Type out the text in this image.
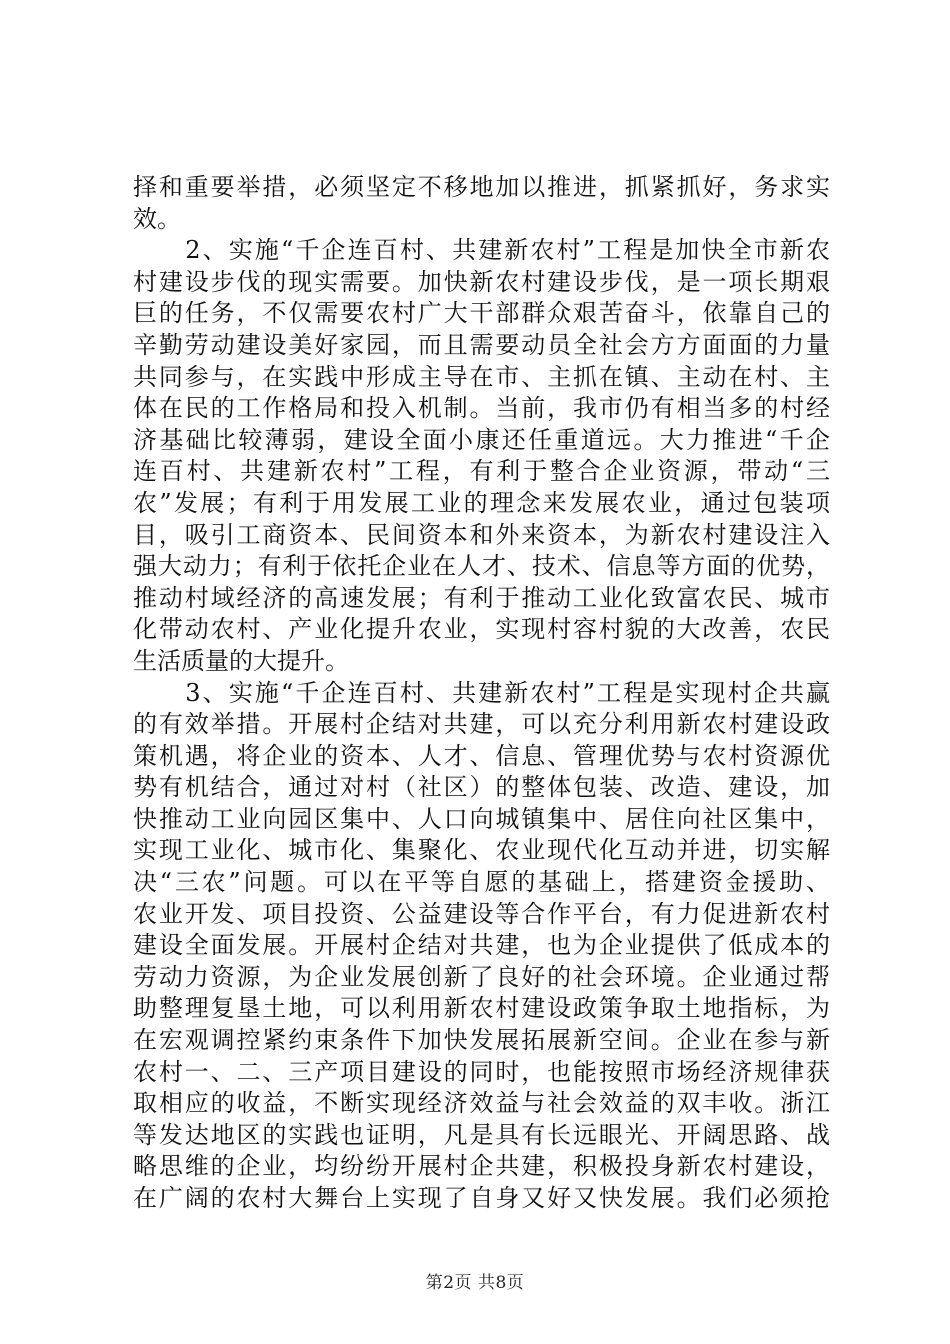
择和重要举措，必须坚定不移地加以推进，抓紧抓好，务求实
效。
　　2、实施“千企连百村、共建新农村”工程是加快全市新农
村建设步伐的现实需要。加快新农村建设步伐，是一项长期艰
巨的任务，不仅需要农村广大干部群众艰苦奋斗，依靠自己的
辛勤劳动建设美好家园，而且需要动员全社会方方面面的力量
共同参与，在实践中形成主导在市、主抓在镇、主动在村、主
体在民的工作格局和投入机制。当前，我市仍有相当多的村经
济基础比较薄弱，建设全面小康还任重道远。大力推进“千企
连百村、共建新农村”工程，有利于整合企业资源，带动“三
农”发展；有利于用发展工业的理念来发展农业，通过包装项
目，吸引工商资本、民间资本和外来资本，为新农村建设注入
强大动力；有利于依托企业在人才、技术、信息等方面的优势，
推动村域经济的高速发展；有利于推动工业化致富农民、城市
化带动农村、产业化提升农业，实现村容村貌的大改善，农民
生活质量的大提升。
　　3、实施“千企连百村、共建新农村”工程是实现村企共赢
的有效举措。开展村企结对共建，可以充分利用新农村建设政
策机遇，将企业的资本、人才、信息、管理优势与农村资源优
势有机结合，通过对村（社区）的整体包装、改造、建设，加
快推动工业向园区集中、人口向城镇集中、居住向社区集中，
实现工业化、城市化、集聚化、农业现代化互动并进，切实解
决“三农”问题。可以在平等自愿的基础上，搭建资金援助、
农业开发、项目投资、公益建设等合作平台，有力促进新农村
建设全面发展。开展村企结对共建，也为企业提供了低成本的
劳动力资源，为企业发展创新了良好的社会环境。企业通过帮
助整理复垦土地，可以利用新农村建设政策争取土地指标，为
在宏观调控紧约束条件下加快发展拓展新空间。企业在参与新
农村一、二、三产项目建设的同时，也能按照市场经济规律获
取相应的收益，不断实现经济效益与社会效益的双丰收。浙江
等发达地区的实践也证明，凡是具有长远眼光、开阔思路、战
略思维的企业，均纷纷开展村企共建，积极投身新农村建设，
在广阔的农村大舞台上实现了自身又好又快发展。我们必须抢
第2页 共8页
